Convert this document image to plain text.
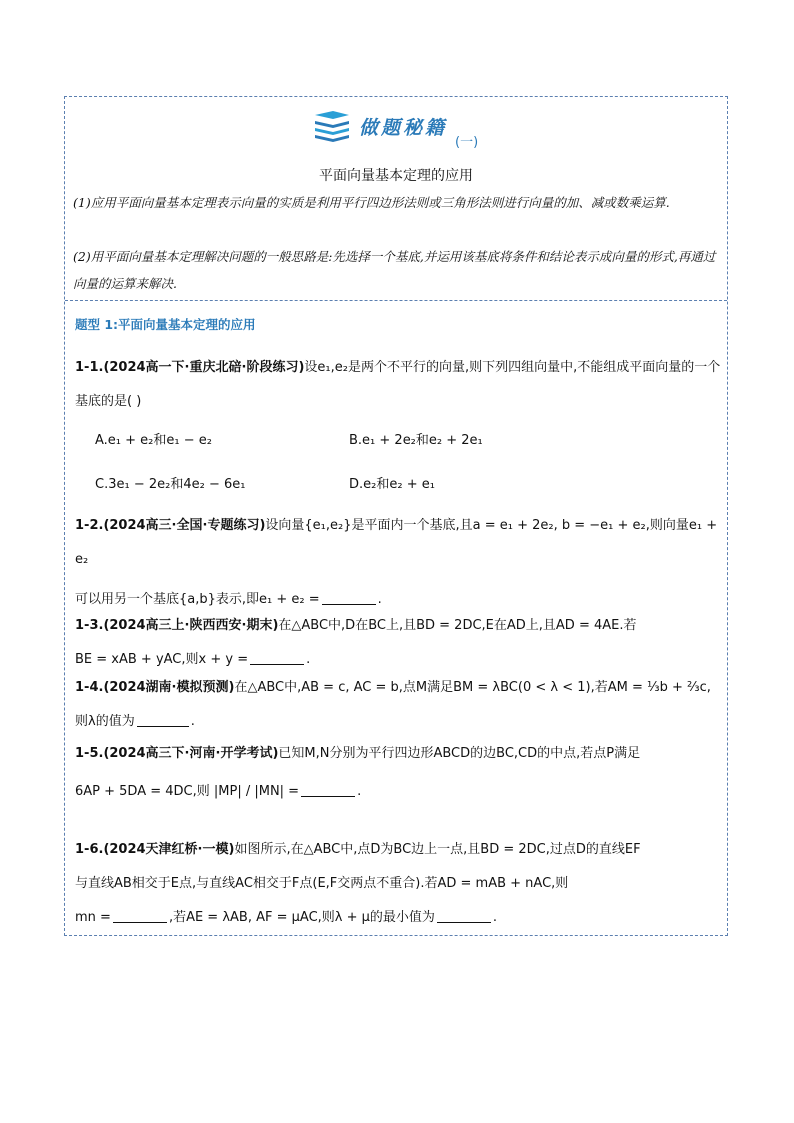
做题秘籍
(一)
平面向量基本定理的应用
(1)应用平面向量基本定理表示向量的实质是利用平行四边形法则或三角形法则进行向量的加、减或数乘运算.
(2)用平面向量基本定理解决问题的一般思路是:先选择一个基底,并运用该基底将条件和结论表示成向量的形式,再通过向量的运算来解决.
题型 1:平面向量基本定理的应用
1-1.(2024高一下·重庆北碚·阶段练习)设e₁,e₂是两个不平行的向量,则下列四组向量中,不能组成平面向量的一个基底的是( )
A.e₁ + e₂和e₁ − e₂	B.e₁ + 2e₂和e₂ + 2e₁
C.3e₁ − 2e₂和4e₂ − 6e₁	D.e₂和e₂ + e₁
1-2.(2024高三·全国·专题练习)设向量{e₁,e₂}是平面内一个基底,且a = e₁ + 2e₂, b = −e₁ + e₂,则向量e₁ + e₂
可以用另一个基底{a,b}表示,即e₁ + e₂ =	.
1-3.(2024高三上·陕西西安·期末)在△ABC中,D在BC上,且BD = 2DC,E在AD上,且AD = 4AE.若
BE = xAB + yAC,则x + y =	.
1-4.(2024湖南·模拟预测)在△ABC中,AB = c, AC = b,点M满足BM = λBC(0 < λ < 1),若AM = ⅓b + ⅔c,
则λ的值为	.
1-5.(2024高三下·河南·开学考试)已知M,N分别为平行四边形ABCD的边BC,CD的中点,若点P满足
6AP + 5DA = 4DC,则 |MP| / |MN| =	.
1-6.(2024天津红桥·一模)如图所示,在△ABC中,点D为BC边上一点,且BD = 2DC,过点D的直线EF
与直线AB相交于E点,与直线AC相交于F点(E,F交两点不重合).若AD = mAB + nAC,则
mn =	,若AE = λAB, AF = μAC,则λ + μ的最小值为	.
